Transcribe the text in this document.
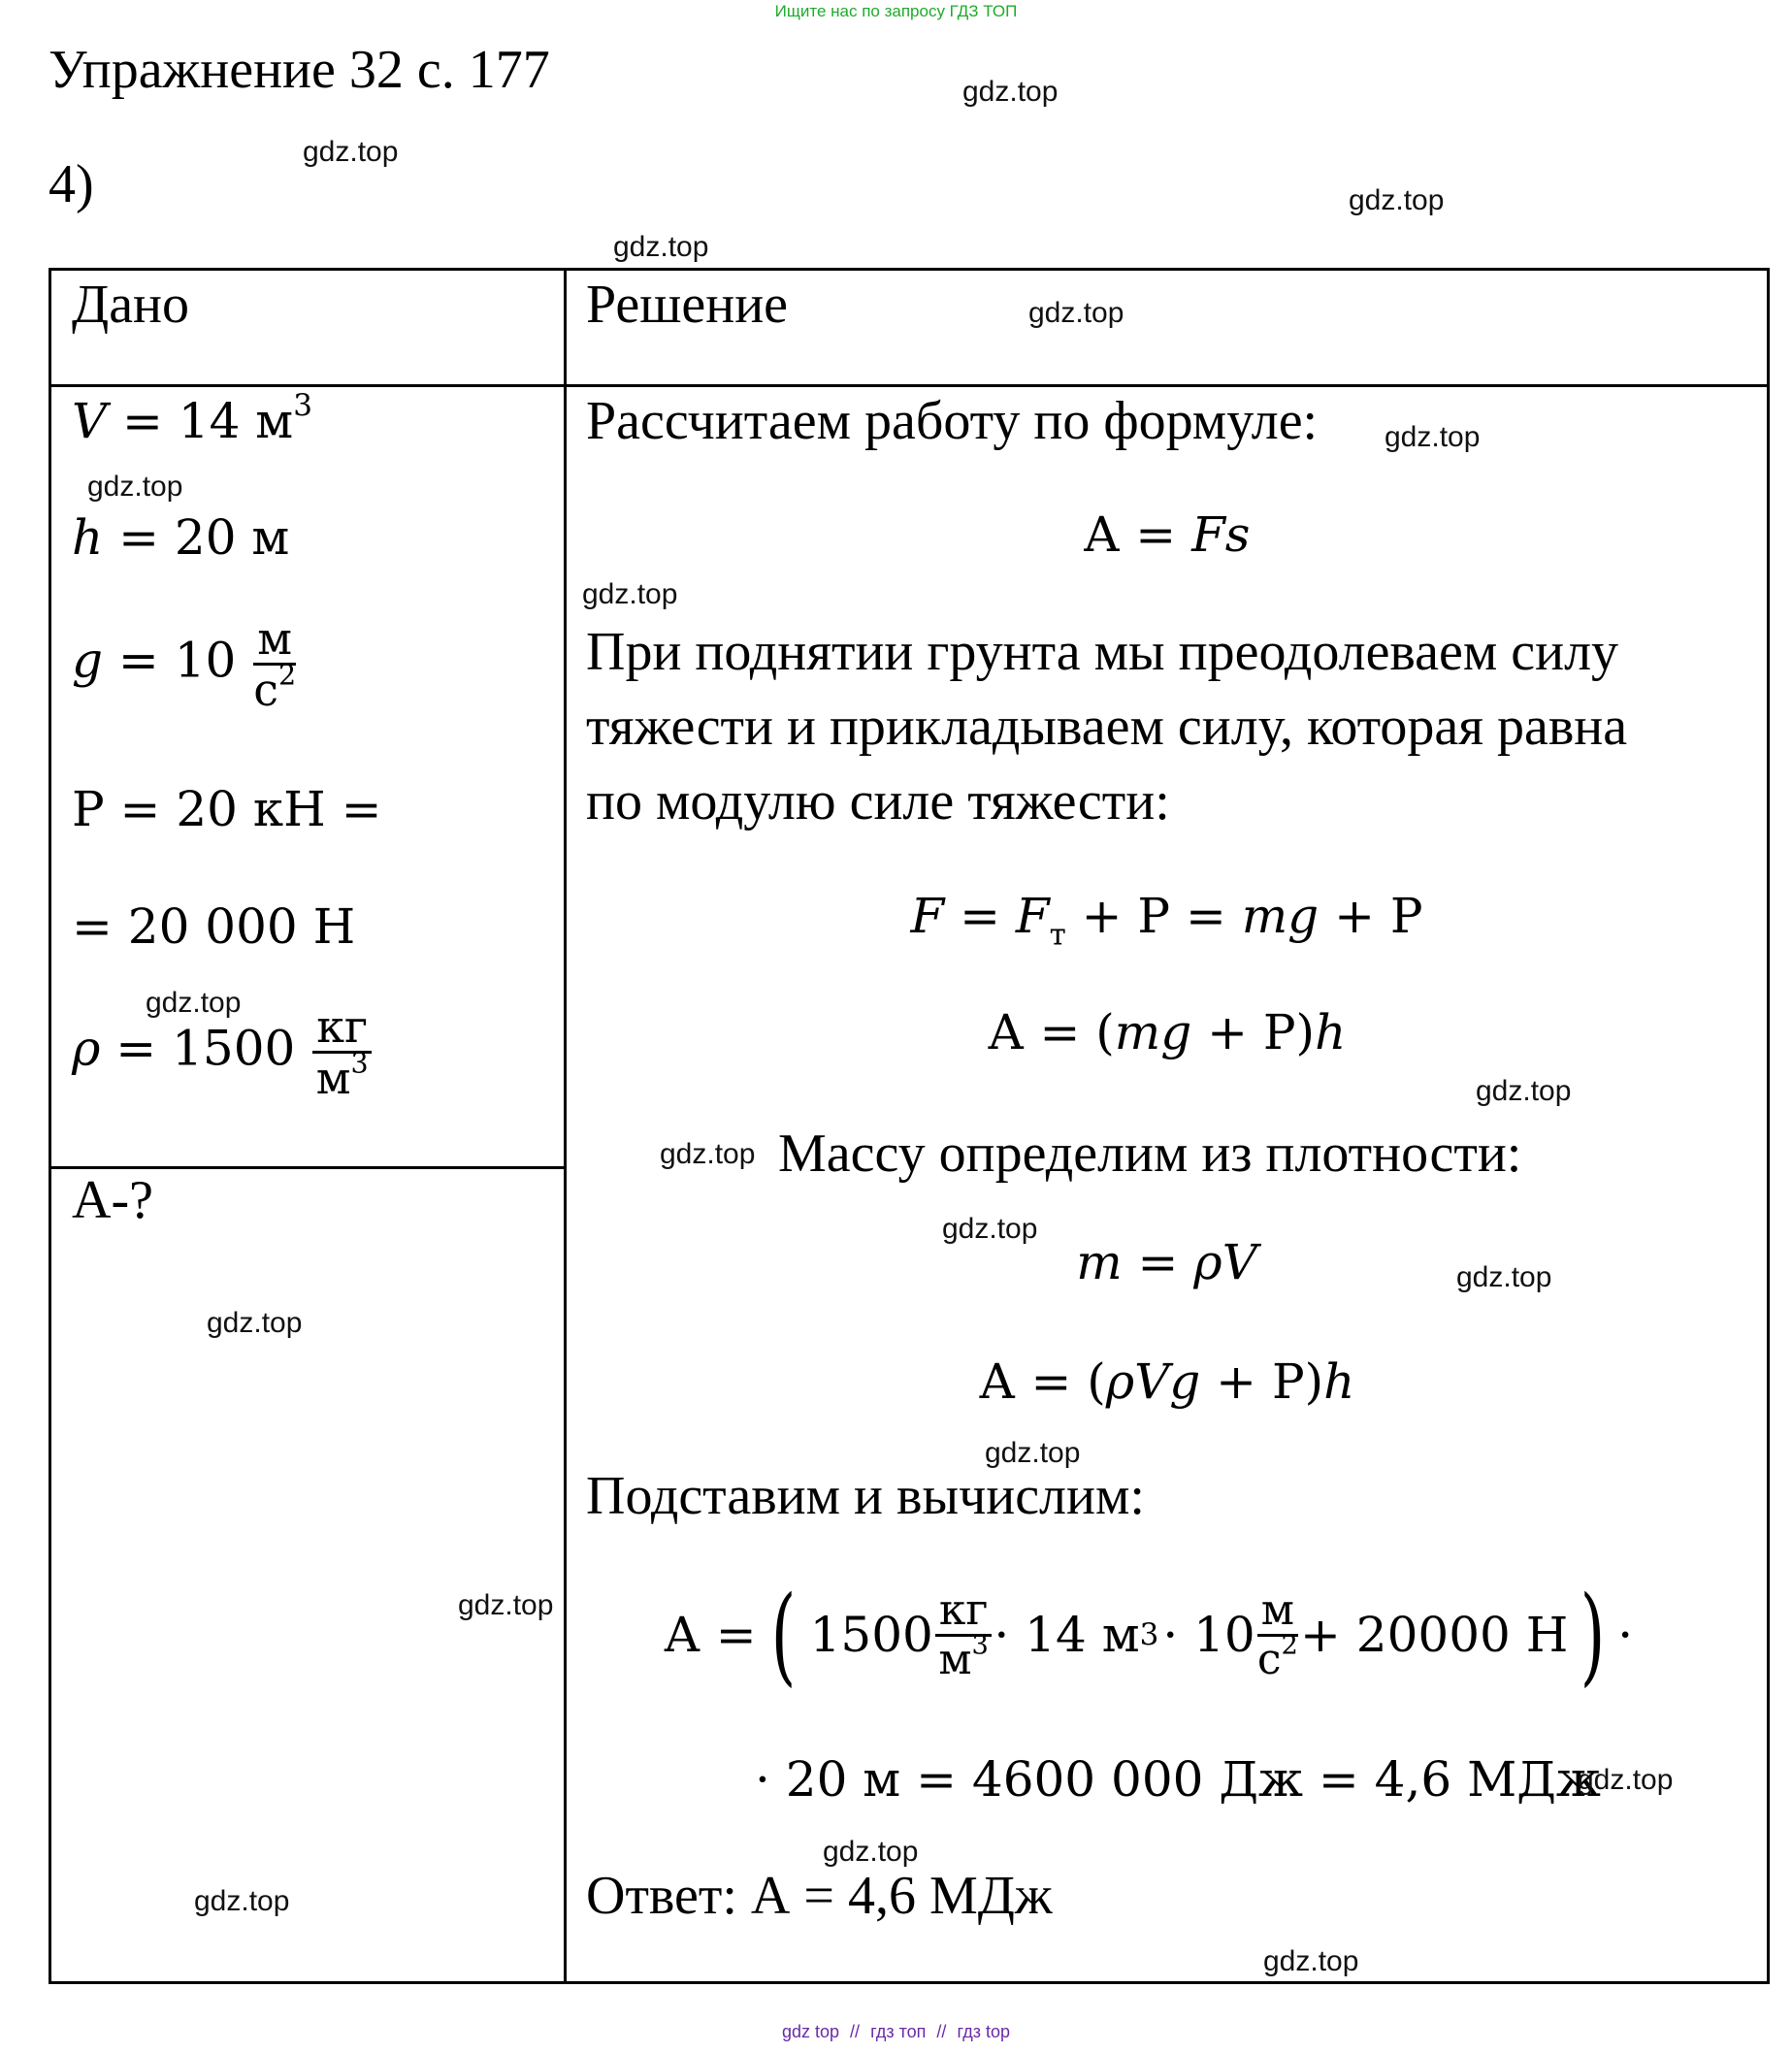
Ищите нас по запросу ГДЗ ТОП
Упражнение 32 с. 177
4)
Дано
V = 14 $м^3$
h = 20 м
$g = 10 \frac{м}{с^2}$
Р = 20 кН =
= 20 000 Н
$\rho = 1500 \frac{кг}{м^3}$
А-?
Решение
Рассчитаем работу по формуле:
А = Fs
При поднятии грунта мы преодолеваем силу
тяжести и прикладываем силу, которая равна
по модулю силе тяжести:
$F = F_т + Р$ = mg + Р
А = (mg + Р)h
Массу определим из плотности:
m = ρV
А = (ρVg + Р)h
Подставим и вычислим:
А = ( $1500 \frac{кг}{м^3} \cdot 14$ м $3 \cdot 10 \frac{м}{с^2} + 20000$ Н ) ·
· 20 м = 4600 000 Дж = 4,6 МДж
Ответ: А = 4,6 МДж
gdz.top
gdz.top
gdz.top
gdz.top
gdz.top
gdz.top
gdz.top
gdz.top
gdz.top
gdz.top
gdz.top
gdz.top
gdz.top
gdz.top
gdz.top
gdz.top
gdz.top
gdz.top
gdz.top
gdz.top
gdz top // гдз топ // гдз top
